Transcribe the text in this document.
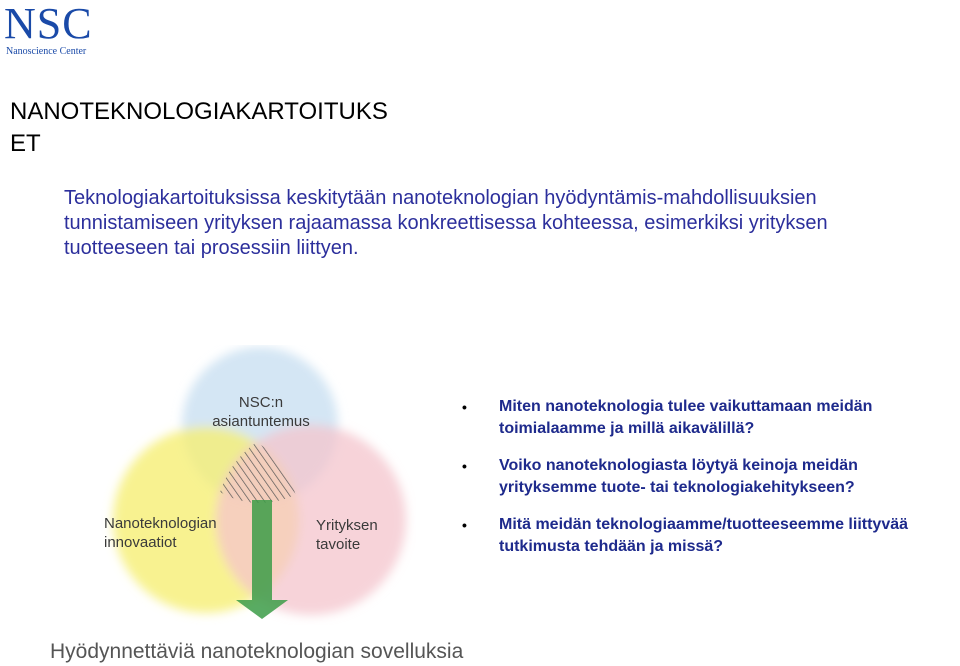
NSC
Nanoscience Center
NANOTEKNOLOGIAKARTOITUKS
ET
Teknologiakartoituksissa keskitytään nanoteknologian hyödyntämis-mahdollisuuksien tunnistamiseen yrityksen rajaamassa konkreettisessa kohteessa, esimerkiksi yrityksen tuotteeseen tai prosessiin liittyen.
NSC:n
asiantuntemus
Nanoteknologian
innovaatiot
Yrityksen
tavoite
• Miten nanoteknologia tulee vaikuttamaan meidän toimialaamme ja millä aikavälillä?
• Voiko nanoteknologiasta löytyä keinoja meidän yrityksemme tuote- tai teknologiakehitykseen?
• Mitä meidän teknologiaamme/tuotteeseemme liittyvää tutkimusta tehdään ja missä?
Hyödynnettäviä nanoteknologian sovelluksia
